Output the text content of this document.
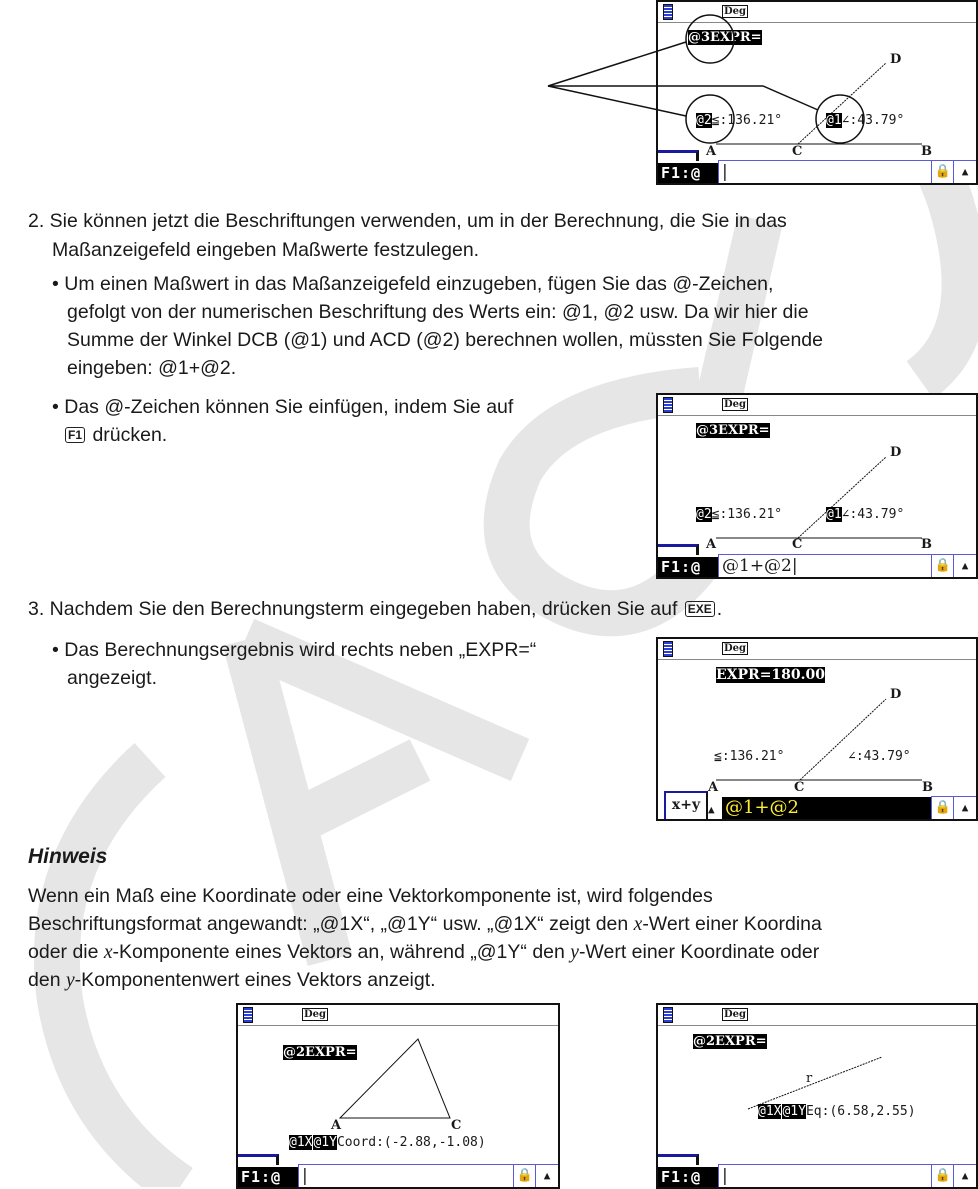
Deg
@3EXPR=
D
A	C	B
@2≦:136.21°	@1∠:43.79°
F1:@	|	🔒 ▲
2. Sie können jetzt die Beschriftungen verwenden, um in der Berechnung, die Sie in das
Maßanzeigefeld eingeben Maßwerte festzulegen.
• Um einen Maßwert in das Maßanzeigefeld einzugeben, fügen Sie das @-Zeichen,
gefolgt von der numerischen Beschriftung des Werts ein: @1, @2 usw. Da wir hier die
Summe der Winkel DCB (@1) und ACD (@2) berechnen wollen, müssten Sie Folgende
eingeben: @1+@2.
• Das @-Zeichen können Sie einfügen, indem Sie auf
F1 drücken.
Deg
@3EXPR=
D
A	C	B
@2≦:136.21°	@1∠:43.79°
F1:@	@1+@2|	🔒 ▲
3. Nachdem Sie den Berechnungsterm eingegeben haben, drücken Sie auf EXE .
• Das Berechnungsergebnis wird rechts neben „EXPR=“
angezeigt.
Deg
EXPR=180.00
D
A	C	B
≦:136.21°	∠:43.79°
x+y ▲ @1+@2	🔒 ▲
Hinweis
Wenn ein Maß eine Koordinate oder eine Vektorkomponente ist, wird folgendes
Beschriftungsformat angewandt: „@1X“, „@1Y“ usw. „@1X“ zeigt den x-Wert einer Koordina
oder die x-Komponente eines Vektors an, während „@1Y“ den y-Wert einer Koordinate oder
den y-Komponentenwert eines Vektors anzeigt.
Deg
@2EXPR=
A	C
@1X@1YCoord:(-2.88,-1.08)
F1:@	|	🔒 ▲
Deg
@2EXPR=
r
@1X@1YEq:(6.58,2.55)
F1:@	|	🔒 ▲
